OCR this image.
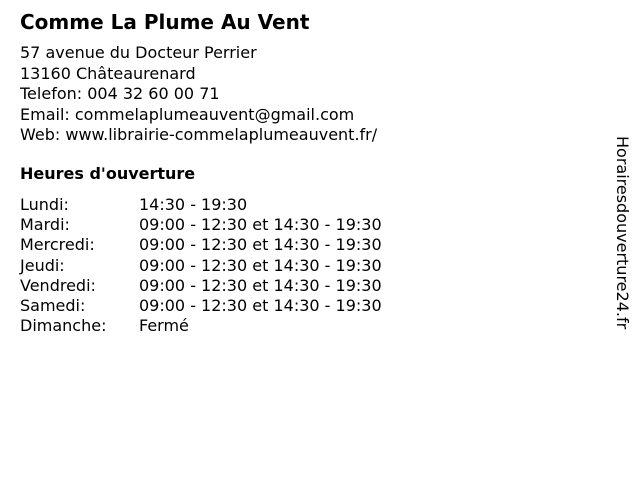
Comme La Plume Au Vent
57 avenue du Docteur Perrier
13160 Châteaurenard
Telefon: 004 32 60 00 71
Email: commelaplumeauvent@gmail.com
Web: www.librairie-commelaplumeauvent.fr/
Heures d'ouverture
Lundi:	14:30 - 19:30
Mardi:	09:00 - 12:30 et 14:30 - 19:30
Mercredi:	09:00 - 12:30 et 14:30 - 19:30
Jeudi:	09:00 - 12:30 et 14:30 - 19:30
Vendredi:	09:00 - 12:30 et 14:30 - 19:30
Samedi:	09:00 - 12:30 et 14:30 - 19:30
Dimanche: Fermé	Horairesdouverture24.fr
